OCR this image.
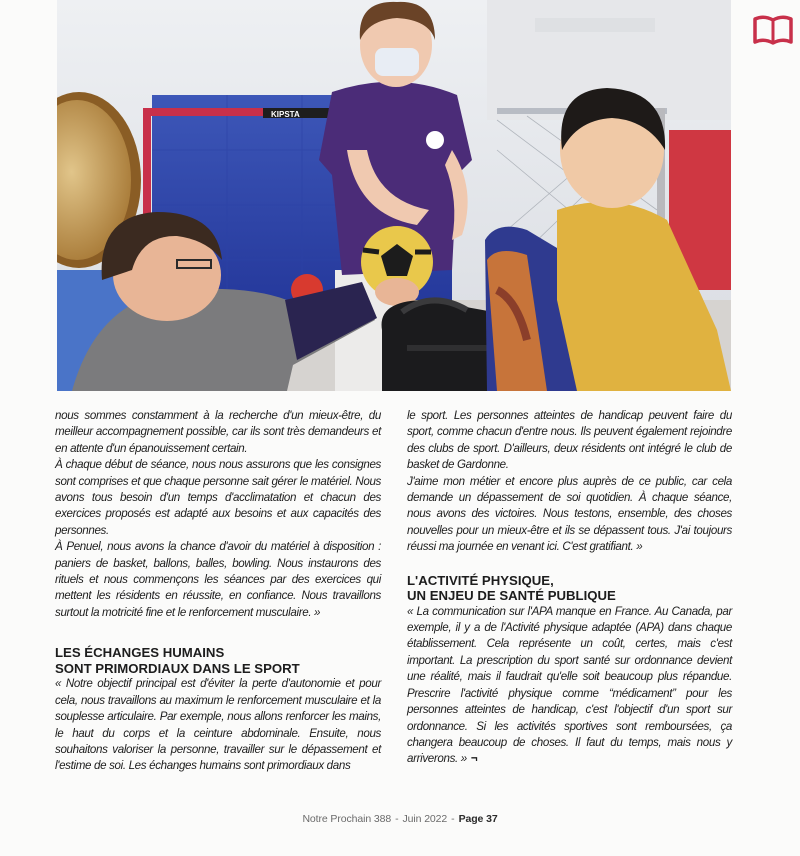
KIPSTA

nous sommes constamment à la recherche d'un mieux-être, du meilleur accompagnement possible, car ils sont très demandeurs et en attente d'un épanouissement certain.

À chaque début de séance, nous nous assurons que les consignes sont comprises et que chaque personne sait gérer le matériel. Nous avons tous besoin d'un temps d'acclimatation et chacun des exercices proposés est adapté aux besoins et aux capacités des personnes.

À Penuel, nous avons la chance d'avoir du matériel à disposition : paniers de basket, ballons, balles, bowling. Nous instaurons des rituels et nous commençons les séances par des exercices qui mettent les résidents en réussite, en confiance. Nous travaillons surtout la motricité fine et le renforcement musculaire. »

LES ÉCHANGES HUMAINS
SONT PRIMORDIAUX DANS LE SPORT

« Notre objectif principal est d'éviter la perte d'autonomie et pour cela, nous travaillons au maximum le renforcement musculaire et la souplesse articulaire. Par exemple, nous allons renforcer les mains, le haut du corps et la ceinture abdominale. Ensuite, nous souhaitons valoriser la personne, travailler sur le dépassement et l'estime de soi. Les échanges humains sont primordiaux dans

le sport. Les personnes atteintes de handicap peuvent faire du sport, comme chacun d'entre nous. Ils peuvent également rejoindre des clubs de sport. D'ailleurs, deux résidents ont intégré le club de basket de Gardonne.

J'aime mon métier et encore plus auprès de ce public, car cela demande un dépassement de soi quotidien. À chaque séance, nous avons des victoires. Nous testons, ensemble, des choses nouvelles pour un mieux-être et ils se dépassent tous. J'ai toujours réussi ma journée en venant ici. C'est gratifiant. »

L'ACTIVITÉ PHYSIQUE,
UN ENJEU DE SANTÉ PUBLIQUE

« La communication sur l'APA manque en France. Au Canada, par exemple, il y a de l'Activité physique adaptée (APA) dans chaque établissement. Cela représente un coût, certes, mais c'est important. La prescription du sport santé sur ordonnance devient une réalité, mais il faudrait qu'elle soit beaucoup plus répandue. Prescrire l'activité physique comme “médicament” pour les personnes atteintes de handicap, c'est l'objectif d'un sport sur ordonnance. Si les activités sportives sont remboursées, ça changera beaucoup de choses. Il faut du temps, mais nous y arriverons. » ¬

Notre Prochain 388 - Juin 2022 - Page 37
